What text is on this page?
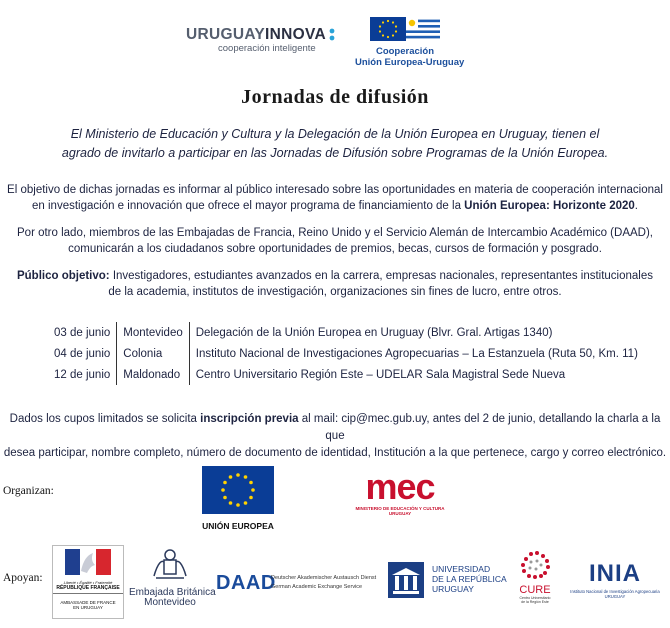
URUGUAYINNOVA
cooperación inteligente	Cooperación
Unión Europea-Uruguay
Jornadas de difusión
El Ministerio de Educación y Cultura y la Delegación de la Unión Europea en Uruguay, tienen el
agrado de invitarlo a participar en las Jornadas de Difusión sobre Programas de la Unión Europea.
El objetivo de dichas jornadas es informar al público interesado sobre las oportunidades en materia de cooperación internacional
en investigación e innovación que ofrece el mayor programa de financiamiento de la Unión Europea: Horizonte 2020.
Por otro lado, miembros de las Embajadas de Francia, Reino Unido y el Servicio Alemán de Intercambio Académico (DAAD),
comunicarán a los ciudadanos sobre oportunidades de premios, becas, cursos de formación y posgrado.
Público objetivo: Investigadores, estudiantes avanzados en la carrera, empresas nacionales, representantes institucionales
de la academia, institutos de investigación, organizaciones sin fines de lucro, entre otros.
03 de junio	Montevideo	Delegación de la Unión Europea en Uruguay (Blvr. Gral. Artigas 1340)
04 de junio	Colonia	Instituto Nacional de Investigaciones Agropecuarias – La Estanzuela (Ruta 50, Km. 11)
12 de junio	Maldonado	Centro Universitario Región Este – UDELAR Sala Magistral Sede Nueva
Dados los cupos limitados se solicita inscripción previa al mail: cip@mec.gub.uy, antes del 2 de junio, detallando la charla a la que
desea participar, nombre completo, número de documento de identidad, Institución a la que pertenece, cargo y correo electrónico.
Organizan:
UNIÓN EUROPEA
mec
MINISTERIO DE EDUCACIÓN Y CULTURA
URUGUAY
Apoyan:	Liberté • Égalité • Fraternité
RÉPUBLIQUE FRANÇAISE
AMBASSADE DE FRANCE
EN URUGUAY
Embajada Británica
Montevideo
DAAD
Deutscher Akademischer Austausch Dienst
German Academic Exchange Service
UNIVERSIDAD
DE LA REPÚBLICA
URUGUAY	CURE
Centro Universitario
de la Región Este
INIA
Instituto Nacional de Investigación Agropecuaria
URUGUAY
